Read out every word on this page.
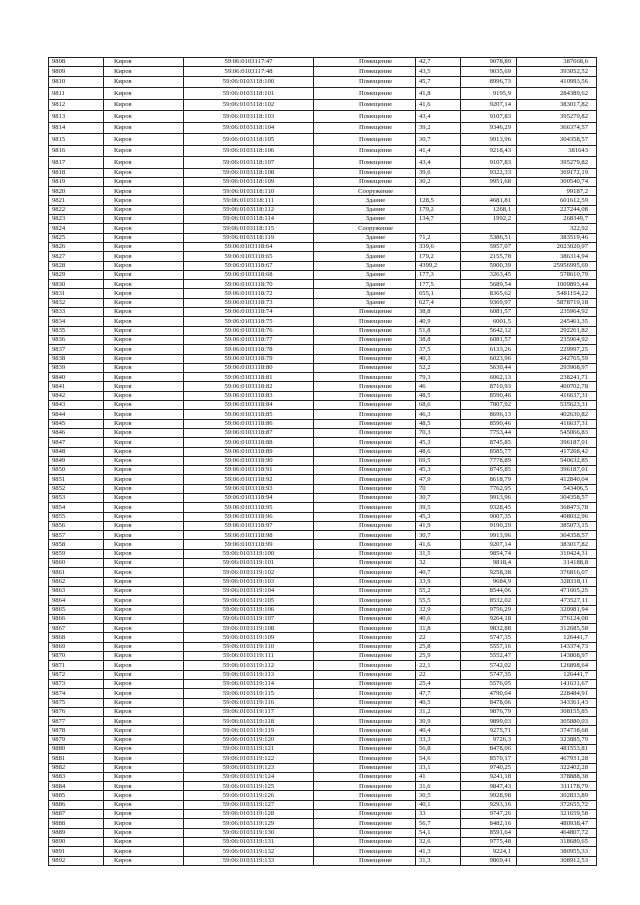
9808	Киров	59:06:0103117:47	Помещение	42,7	9078,89	387668,6
9809	Киров	59:06:0103117:48	Помещение	43,5	9035,69	393052,52
9810	Киров	59:06:0103118:100	Помещение	45,7	8996,73	410993,56
9811	Киров	59:06:0103118:101	Помещение	41,8	9195,9	284389,62
9812	Киров	59:06:0103118:102	Помещение	41,6	9207,14	383017,82
9813	Киров	59:06:0103118:103	Помещение	43,4	9107,83	395279,82
9814	Киров	59:06:0103118:104	Помещение	39,2	9346,29	366374,57
9815	Киров	59:06:0103118:105	Помещение	30,7	9913,96	304358,57
9816	Киров	59:06:0103118:106	Помещение	41,4	9218,43	381643
9817	Киров	59:06:0103118:107	Помещение	43,4	9107,83	395279,82
9818	Киров	59:06:0103118:108	Помещение	39,6	9322,33	369172,19
9819	Киров	59:06:0103118:109	Помещение	30,2	9951,68	300540,74
9820	Киров	59:06:0103118:110	Сооружение			99187,2
9821	Киров	59:06:0103118:111	Здание	128,5	4681,81	601612,59
9822	Киров	59:06:0103118:112	Здание	179,2	1268,1	227244,08
9823	Киров	59:06:0103118:114	Здание	134,7	1992,2	268349,7
9824	Киров	59:06:0103118:115	Сооружение			322,92
9825	Киров	59:06:0103118:119	Здание	71,2	5386,51	383519,46
9826	Киров	59:06:0103118:64	Здание	339,6	5957,07	2023020,97
9827	Киров	59:06:0103118:65	Здание	179,2	2155,78	386314,94
9828	Киров	59:06:0103118:67	Здание	4399,2	5900,39	25956995,69
9829	Киров	59:06:0103118:68	Здание	177,3	3263,45	578610,79
9830	Киров	59:06:0103118:70	Здание	177,5	5689,54	1009893,44
9831	Киров	59:06:0103118:72	Здание	655,1	8365,62	5481154,22
9832	Киров	59:06:0103118:73	Здание	627,4	9369,97	5878719,18
9833	Киров	59:06:0103118:74	Помещение	38,8	6081,57	235964,92
9834	Киров	59:06:0103118:75	Помещение	40,9	6001,5	245461,35
9835	Киров	59:06:0103118:76	Помещение	51,8	5642,12	292261,82
9836	Киров	59:06:0103118:77	Помещение	38,8	6081,57	235964,92
9837	Киров	59:06:0103118:78	Помещение	37,5	6133,26	229997,25
9838	Киров	59:06:0103118:79	Помещение	40,3	6023,96	242765,59
9839	Киров	59:06:0103118:80	Помещение	52,2	5630,44	293908,97
9840	Киров	59:06:0103118:81	Помещение	79,3	6062,13	238241,71
9841	Киров	59:06:0103118:82	Помещение	46	8710,93	400702,78
9842	Киров	59:06:0103118:83	Помещение	48,5	8590,46	416637,31
9843	Киров	59:06:0103118:84	Помещение	68,6	7807,92	535623,31
9844	Киров	59:06:0103118:85	Помещение	46,3	8696,13	402630,82
9845	Киров	59:06:0103118:86	Помещение	48,5	8590,46	416637,31
9846	Киров	59:06:0103118:87	Помещение	70,3	7753,44	545066,83
9847	Киров	59:06:0103118:88	Помещение	45,3	8745,85	396187,01
9848	Киров	59:06:0103118:89	Помещение	48,6	8585,77	417268,42
9849	Киров	59:06:0103118:90	Помещение	69,5	7778,89	540632,85
9850	Киров	59:06:0103118:91	Помещение	45,3	8745,85	396187,01
9851	Киров	59:06:0103118:92	Помещение	47,9	8618,79	412840,04
9852	Киров	59:06:0103118:93	Помещение	70	7762,95	543406,5
9853	Киров	59:06:0103118:94	Помещение	30,7	9913,96	304358,57
9854	Киров	59:06:0103118:95	Помещение	39,5	9328,45	368473,78
9855	Киров	59:06:0103118:96	Помещение	45,3	9007,35	408032,96
9856	Киров	59:06:0103118:97	Помещение	41,9	9190,29	385073,15
9857	Киров	59:06:0103118:98	Помещение	30,7	9913,96	304358,57
9858	Киров	59:06:0103118:99	Помещение	41,6	9207,14	383017,82
9859	Киров	59:06:0103119:100	Помещение	31,5	9854,74	310424,31
9860	Киров	59:06:0103119:101	Помещение	32	9818,4	314188,8
9861	Киров	59:06:0103119:102	Помещение	40,7	9258,38	376816,07
9862	Киров	59:06:0103119:103	Помещение	33,9	9684,9	328318,11
9863	Киров	59:06:0103119:104	Помещение	55,2	8544,06	471605,25
9864	Киров	59:06:0103119:105	Помещение	55,5	8532,02	473527,11
9865	Киров	59:06:0103119:106	Помещение	32,9	9756,29	320981,94
9866	Киров	59:06:0103119:107	Помещение	40,6	9264,18	376124,08
9867	Киров	59:06:0103119:108	Помещение	31,8	9832,88	312685,58
9868	Киров	59:06:0103119:109	Помещение	22	5747,35	126441,7
9869	Киров	59:06:0103119:110	Помещение	25,8	5557,16	143374,73
9870	Киров	59:06:0103119:111	Помещение	25,9	5552,47	143808,97
9871	Киров	59:06:0103119:112	Помещение	22,1	5742,02	126898,64
9872	Киров	59:06:0103119:113	Помещение	22	5747,35	126441,7
9873	Киров	59:06:0103119:114	Помещение	25,4	5576,05	141631,67
9874	Киров	59:06:0103119:115	Помещение	47,7	4790,04	228484,91
9875	Киров	59:06:0103119:116	Помещение	40,5	8478,06	343361,43
9876	Киров	59:06:0103119:117	Помещение	31,2	9876,79	308155,85
9877	Киров	59:06:0103119:118	Помещение	30,9	9899,03	305880,03
9878	Киров	59:06:0103119:119	Помещение	40,4	9275,71	374738,68
9879	Киров	59:06:0103119:120	Помещение	33,3	9726,3	323885,79
9880	Киров	59:06:0103119:121	Помещение	56,8	8478,06	481553,81
9881	Киров	59:06:0103119:122	Помещение	54,6	8570,17	467931,28
9882	Киров	59:06:0103119:123	Помещение	33,1	9740,25	322402,28
9883	Киров	59:06:0103119:124	Помещение	41	9241,18	378888,38
9884	Киров	59:06:0103119:125	Помещение	31,6	9847,43	311178,79
9885	Киров	59:06:0103119:126	Помещение	30,5	9928,98	302833,89
9886	Киров	59:06:0103119:127	Помещение	40,1	9293,16	372655,72
9887	Киров	59:06:0103119:128	Помещение	33	9747,26	321659,58
9888	Киров	59:06:0103119:129	Помещение	56,7	8482,16	480938,47
9889	Киров	59:06:0103119:130	Помещение	54,1	8591,64	464807,72
9890	Киров	59:06:0103119:131	Помещение	32,6	9775,48	318680,65
9891	Киров	59:06:0103119:132	Помещение	41,3	9224,1	380955,33
9892	Киров	59:06:0103119:133	Помещение	31,3	9869,41	308912,53
